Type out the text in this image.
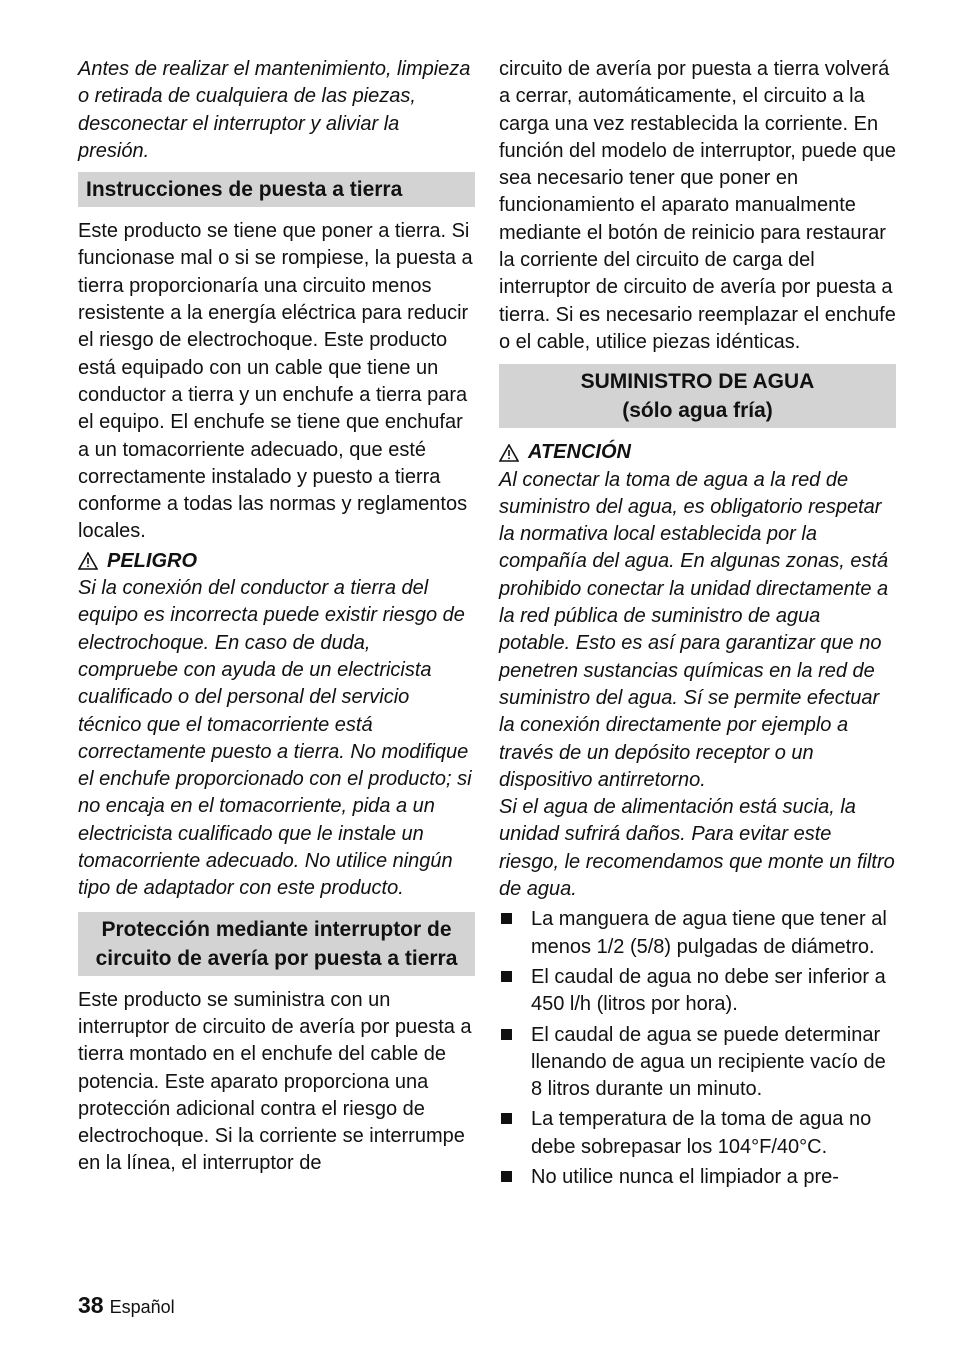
Antes de realizar el mantenimiento, limpieza o retirada de cualquiera de las piezas, desconectar el interruptor y aliviar la presión.

Instrucciones de puesta a tierra

Este producto se tiene que poner a tierra. Si funcionase mal o si se rompiese, la puesta a tierra proporcionaría una circuito menos resistente a la energía eléctrica para reducir el riesgo de electrochoque. Este producto está equipado con un cable que tiene un conductor a tierra y un enchufe a tierra para el equipo. El enchufe se tiene que enchufar a un tomacorriente adecuado, que esté correctamente instalado y puesto a tierra conforme a todas las normas y reglamentos locales.

PELIGRO

Si la conexión del conductor a tierra del equipo es incorrecta puede existir riesgo de electrochoque. En caso de duda, compruebe con ayuda de un electricista cualificado o del personal del servicio técnico que el tomacorriente está correctamente puesto a tierra. No modifique el enchufe proporcionado con el producto; si no encaja en el tomacorriente, pida a un electricista cualificado que le instale un tomacorriente adecuado. No utilice ningún tipo de adaptador con este producto.

Protección mediante interruptor de circuito de avería por puesta a tierra

Este producto se suministra con un interruptor de circuito de avería por puesta a tierra montado en el enchufe del cable de potencia. Este aparato proporciona una protección adicional contra el riesgo de electrochoque. Si la corriente se interrumpe en la línea, el interruptor de

circuito de avería por puesta a tierra volverá a cerrar, automáticamente, el circuito a la carga una vez restablecida la corriente. En función del modelo de interruptor, puede que sea necesario tener que poner en funcionamiento el aparato manualmente mediante el botón de reinicio para restaurar la corriente del circuito de carga del interruptor de circuito de avería por puesta a tierra. Si es necesario reemplazar el enchufe o el cable, utilice piezas idénticas.

SUMINISTRO DE AGUA
(sólo agua fría)
ATENCIÓN

Al conectar la toma de agua a la red de suministro del agua, es obligatorio respetar la normativa local establecida por la compañía del agua. En algunas zonas, está prohibido conectar la unidad directamente a la red pública de suministro de agua potable. Esto es así para garantizar que no penetren sustancias químicas en la red de suministro del agua. Sí se permite efectuar la conexión directamente por ejemplo a través de un depósito receptor o un dispositivo antirretorno.

Si el agua de alimentación está sucia, la unidad sufrirá daños. Para evitar este riesgo, le recomendamos que monte un filtro de agua.

La manguera de agua tiene que tener al menos 1/2 (5/8) pulgadas de diámetro.
El caudal de agua no debe ser inferior a 450 l/h (litros por hora).
El caudal de agua se puede determinar llenando de agua un recipiente vacío de 8 litros durante un minuto.
La temperatura de la toma de agua no debe sobrepasar los 104°F/40°C.
No utilice nunca el limpiador a pre-
38 Español
